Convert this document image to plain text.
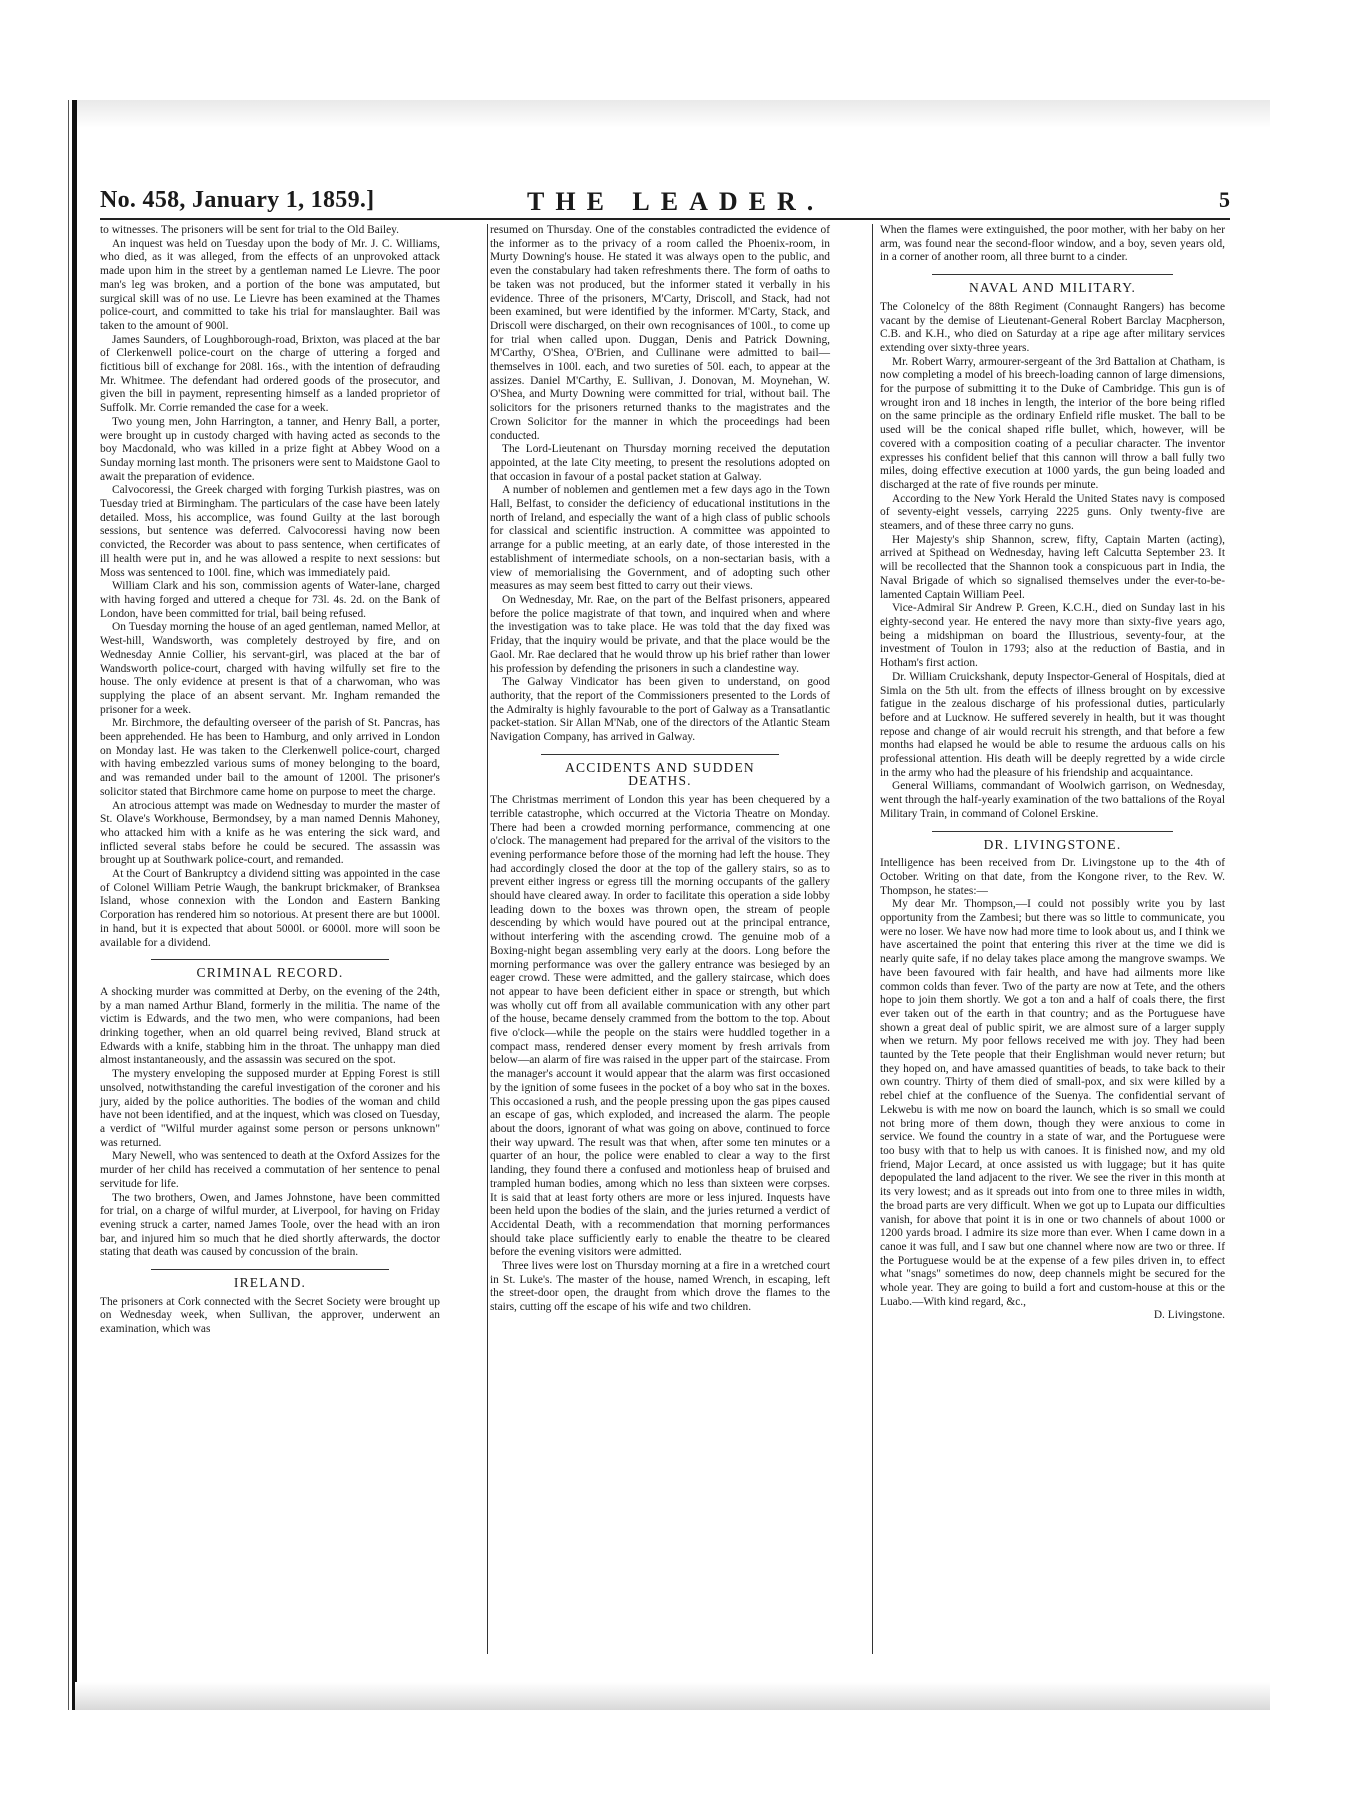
No. 458, January 1, 1859.]	THE LEADER.	5

to witnesses. The prisoners will be sent for trial to the Old Bailey.

An inquest was held on Tuesday upon the body of Mr. J. C. Williams, who died, as it was alleged, from the effects of an unprovoked attack made upon him in the street by a gentleman named Le Lievre. The poor man's leg was broken, and a portion of the bone was amputated, but surgical skill was of no use. Le Lievre has been examined at the Thames police-court, and committed to take his trial for manslaughter. Bail was taken to the amount of 900l.

James Saunders, of Loughborough-road, Brixton, was placed at the bar of Clerkenwell police-court on the charge of uttering a forged and fictitious bill of exchange for 208l. 16s., with the intention of defrauding Mr. Whitmee. The defendant had ordered goods of the prosecutor, and given the bill in payment, representing himself as a landed proprietor of Suffolk. Mr. Corrie remanded the case for a week.

Two young men, John Harrington, a tanner, and Henry Ball, a porter, were brought up in custody charged with having acted as seconds to the boy Macdonald, who was killed in a prize fight at Abbey Wood on a Sunday morning last month. The prisoners were sent to Maidstone Gaol to await the preparation of evidence.

Calvocoressi, the Greek charged with forging Turkish piastres, was on Tuesday tried at Birmingham. The particulars of the case have been lately detailed. Moss, his accomplice, was found Guilty at the last borough sessions, but sentence was deferred. Calvocoressi having now been convicted, the Recorder was about to pass sentence, when certificates of ill health were put in, and he was allowed a respite to next sessions: but Moss was sentenced to 100l. fine, which was immediately paid.

William Clark and his son, commission agents of Water-lane, charged with having forged and uttered a cheque for 73l. 4s. 2d. on the Bank of London, have been committed for trial, bail being refused.

On Tuesday morning the house of an aged gentleman, named Mellor, at West-hill, Wandsworth, was completely destroyed by fire, and on Wednesday Annie Collier, his servant-girl, was placed at the bar of Wandsworth police-court, charged with having wilfully set fire to the house. The only evidence at present is that of a charwoman, who was supplying the place of an absent servant. Mr. Ingham remanded the prisoner for a week.

Mr. Birchmore, the defaulting overseer of the parish of St. Pancras, has been apprehended. He has been to Hamburg, and only arrived in London on Monday last. He was taken to the Clerkenwell police-court, charged with having embezzled various sums of money belonging to the board, and was remanded under bail to the amount of 1200l. The prisoner's solicitor stated that Birchmore came home on purpose to meet the charge.

An atrocious attempt was made on Wednesday to murder the master of St. Olave's Workhouse, Bermondsey, by a man named Dennis Mahoney, who attacked him with a knife as he was entering the sick ward, and inflicted several stabs before he could be secured. The assassin was brought up at Southwark police-court, and remanded.

At the Court of Bankruptcy a dividend sitting was appointed in the case of Colonel William Petrie Waugh, the bankrupt brickmaker, of Branksea Island, whose connexion with the London and Eastern Banking Corporation has rendered him so notorious. At present there are but 1000l. in hand, but it is expected that about 5000l. or 6000l. more will soon be available for a dividend.

CRIMINAL RECORD.

A shocking murder was committed at Derby, on the evening of the 24th, by a man named Arthur Bland, formerly in the militia. The name of the victim is Edwards, and the two men, who were companions, had been drinking together, when an old quarrel being revived, Bland struck at Edwards with a knife, stabbing him in the throat. The unhappy man died almost instantaneously, and the assassin was secured on the spot.

The mystery enveloping the supposed murder at Epping Forest is still unsolved, notwithstanding the careful investigation of the coroner and his jury, aided by the police authorities. The bodies of the woman and child have not been identified, and at the inquest, which was closed on Tuesday, a verdict of "Wilful murder against some person or persons unknown" was returned.

Mary Newell, who was sentenced to death at the Oxford Assizes for the murder of her child has received a commutation of her sentence to penal servitude for life.

The two brothers, Owen, and James Johnstone, have been committed for trial, on a charge of wilful murder, at Liverpool, for having on Friday evening struck a carter, named James Toole, over the head with an iron bar, and injured him so much that he died shortly afterwards, the doctor stating that death was caused by concussion of the brain.

IRELAND.

The prisoners at Cork connected with the Secret Society were brought up on Wednesday week, when Sullivan, the approver, underwent an examination, which was

resumed on Thursday. One of the constables contradicted the evidence of the informer as to the privacy of a room called the Phoenix-room, in Murty Downing's house. He stated it was always open to the public, and even the constabulary had taken refreshments there. The form of oaths to be taken was not produced, but the informer stated it verbally in his evidence. Three of the prisoners, M'Carty, Driscoll, and Stack, had not been examined, but were identified by the informer. M'Carty, Stack, and Driscoll were discharged, on their own recognisances of 100l., to come up for trial when called upon. Duggan, Denis and Patrick Downing, M'Carthy, O'Shea, O'Brien, and Cullinane were admitted to bail—themselves in 100l. each, and two sureties of 50l. each, to appear at the assizes. Daniel M'Carthy, E. Sullivan, J. Donovan, M. Moynehan, W. O'Shea, and Murty Downing were committed for trial, without bail. The solicitors for the prisoners returned thanks to the magistrates and the Crown Solicitor for the manner in which the proceedings had been conducted.

The Lord-Lieutenant on Thursday morning received the deputation appointed, at the late City meeting, to present the resolutions adopted on that occasion in favour of a postal packet station at Galway.

A number of noblemen and gentlemen met a few days ago in the Town Hall, Belfast, to consider the deficiency of educational institutions in the north of Ireland, and especially the want of a high class of public schools for classical and scientific instruction. A committee was appointed to arrange for a public meeting, at an early date, of those interested in the establishment of intermediate schools, on a non-sectarian basis, with a view of memorialising the Government, and of adopting such other measures as may seem best fitted to carry out their views.

On Wednesday, Mr. Rae, on the part of the Belfast prisoners, appeared before the police magistrate of that town, and inquired when and where the investigation was to take place. He was told that the day fixed was Friday, that the inquiry would be private, and that the place would be the Gaol. Mr. Rae declared that he would throw up his brief rather than lower his profession by defending the prisoners in such a clandestine way.

The Galway Vindicator has been given to understand, on good authority, that the report of the Commissioners presented to the Lords of the Admiralty is highly favourable to the port of Galway as a Transatlantic packet-station. Sir Allan M'Nab, one of the directors of the Atlantic Steam Navigation Company, has arrived in Galway.

ACCIDENTS AND SUDDEN DEATHS.

The Christmas merriment of London this year has been chequered by a terrible catastrophe, which occurred at the Victoria Theatre on Monday. There had been a crowded morning performance, commencing at one o'clock. The management had prepared for the arrival of the visitors to the evening performance before those of the morning had left the house. They had accordingly closed the door at the top of the gallery stairs, so as to prevent either ingress or egress till the morning occupants of the gallery should have cleared away. In order to facilitate this operation a side lobby leading down to the boxes was thrown open, the stream of people descending by which would have poured out at the principal entrance, without interfering with the ascending crowd. The genuine mob of a Boxing-night began assembling very early at the doors. Long before the morning performance was over the gallery entrance was besieged by an eager crowd. These were admitted, and the gallery staircase, which does not appear to have been deficient either in space or strength, but which was wholly cut off from all available communication with any other part of the house, became densely crammed from the bottom to the top. About five o'clock—while the people on the stairs were huddled together in a compact mass, rendered denser every moment by fresh arrivals from below—an alarm of fire was raised in the upper part of the staircase. From the manager's account it would appear that the alarm was first occasioned by the ignition of some fusees in the pocket of a boy who sat in the boxes. This occasioned a rush, and the people pressing upon the gas pipes caused an escape of gas, which exploded, and increased the alarm. The people about the doors, ignorant of what was going on above, continued to force their way upward. The result was that when, after some ten minutes or a quarter of an hour, the police were enabled to clear a way to the first landing, they found there a confused and motionless heap of bruised and trampled human bodies, among which no less than sixteen were corpses. It is said that at least forty others are more or less injured. Inquests have been held upon the bodies of the slain, and the juries returned a verdict of Accidental Death, with a recommendation that morning performances should take place sufficiently early to enable the theatre to be cleared before the evening visitors were admitted.

Three lives were lost on Thursday morning at a fire in a wretched court in St. Luke's. The master of the house, named Wrench, in escaping, left the street-door open, the draught from which drove the flames to the stairs, cutting off the escape of his wife and two children.

When the flames were extinguished, the poor mother, with her baby on her arm, was found near the second-floor window, and a boy, seven years old, in a corner of another room, all three burnt to a cinder.

NAVAL AND MILITARY.

The Colonelcy of the 88th Regiment (Connaught Rangers) has become vacant by the demise of Lieutenant-General Robert Barclay Macpherson, C.B. and K.H., who died on Saturday at a ripe age after military services extending over sixty-three years.

Mr. Robert Warry, armourer-sergeant of the 3rd Battalion at Chatham, is now completing a model of his breech-loading cannon of large dimensions, for the purpose of submitting it to the Duke of Cambridge. This gun is of wrought iron and 18 inches in length, the interior of the bore being rifled on the same principle as the ordinary Enfield rifle musket. The ball to be used will be the conical shaped rifle bullet, which, however, will be covered with a composition coating of a peculiar character. The inventor expresses his confident belief that this cannon will throw a ball fully two miles, doing effective execution at 1000 yards, the gun being loaded and discharged at the rate of five rounds per minute.

According to the New York Herald the United States navy is composed of seventy-eight vessels, carrying 2225 guns. Only twenty-five are steamers, and of these three carry no guns.

Her Majesty's ship Shannon, screw, fifty, Captain Marten (acting), arrived at Spithead on Wednesday, having left Calcutta September 23. It will be recollected that the Shannon took a conspicuous part in India, the Naval Brigade of which so signalised themselves under the ever-to-be-lamented Captain William Peel.

Vice-Admiral Sir Andrew P. Green, K.C.H., died on Sunday last in his eighty-second year. He entered the navy more than sixty-five years ago, being a midshipman on board the Illustrious, seventy-four, at the investment of Toulon in 1793; also at the reduction of Bastia, and in Hotham's first action.

Dr. William Cruickshank, deputy Inspector-General of Hospitals, died at Simla on the 5th ult. from the effects of illness brought on by excessive fatigue in the zealous discharge of his professional duties, particularly before and at Lucknow. He suffered severely in health, but it was thought repose and change of air would recruit his strength, and that before a few months had elapsed he would be able to resume the arduous calls on his professional attention. His death will be deeply regretted by a wide circle in the army who had the pleasure of his friendship and acquaintance.

General Williams, commandant of Woolwich garrison, on Wednesday, went through the half-yearly examination of the two battalions of the Royal Military Train, in command of Colonel Erskine.

DR. LIVINGSTONE.

Intelligence has been received from Dr. Livingstone up to the 4th of October. Writing on that date, from the Kongone river, to the Rev. W. Thompson, he states:—

My dear Mr. Thompson,—I could not possibly write you by last opportunity from the Zambesi; but there was so little to communicate, you were no loser. We have now had more time to look about us, and I think we have ascertained the point that entering this river at the time we did is nearly quite safe, if no delay takes place among the mangrove swamps. We have been favoured with fair health, and have had ailments more like common colds than fever. Two of the party are now at Tete, and the others hope to join them shortly. We got a ton and a half of coals there, the first ever taken out of the earth in that country; and as the Portuguese have shown a great deal of public spirit, we are almost sure of a larger supply when we return. My poor fellows received me with joy. They had been taunted by the Tete people that their Englishman would never return; but they hoped on, and have amassed quantities of beads, to take back to their own country. Thirty of them died of small-pox, and six were killed by a rebel chief at the confluence of the Suenya. The confidential servant of Lekwebu is with me now on board the launch, which is so small we could not bring more of them down, though they were anxious to come in service. We found the country in a state of war, and the Portuguese were too busy with that to help us with canoes. It is finished now, and my old friend, Major Lecard, at once assisted us with luggage; but it has quite depopulated the land adjacent to the river. We see the river in this month at its very lowest; and as it spreads out into from one to three miles in width, the broad parts are very difficult. When we got up to Lupata our difficulties vanish, for above that point it is in one or two channels of about 1000 or 1200 yards broad. I admire its size more than ever. When I came down in a canoe it was full, and I saw but one channel where now are two or three. If the Portuguese would be at the expense of a few piles driven in, to effect what "snags" sometimes do now, deep channels might be secured for the whole year. They are going to build a fort and custom-house at this or the Luabo.—With kind regard, &c.,

D. Livingstone.
